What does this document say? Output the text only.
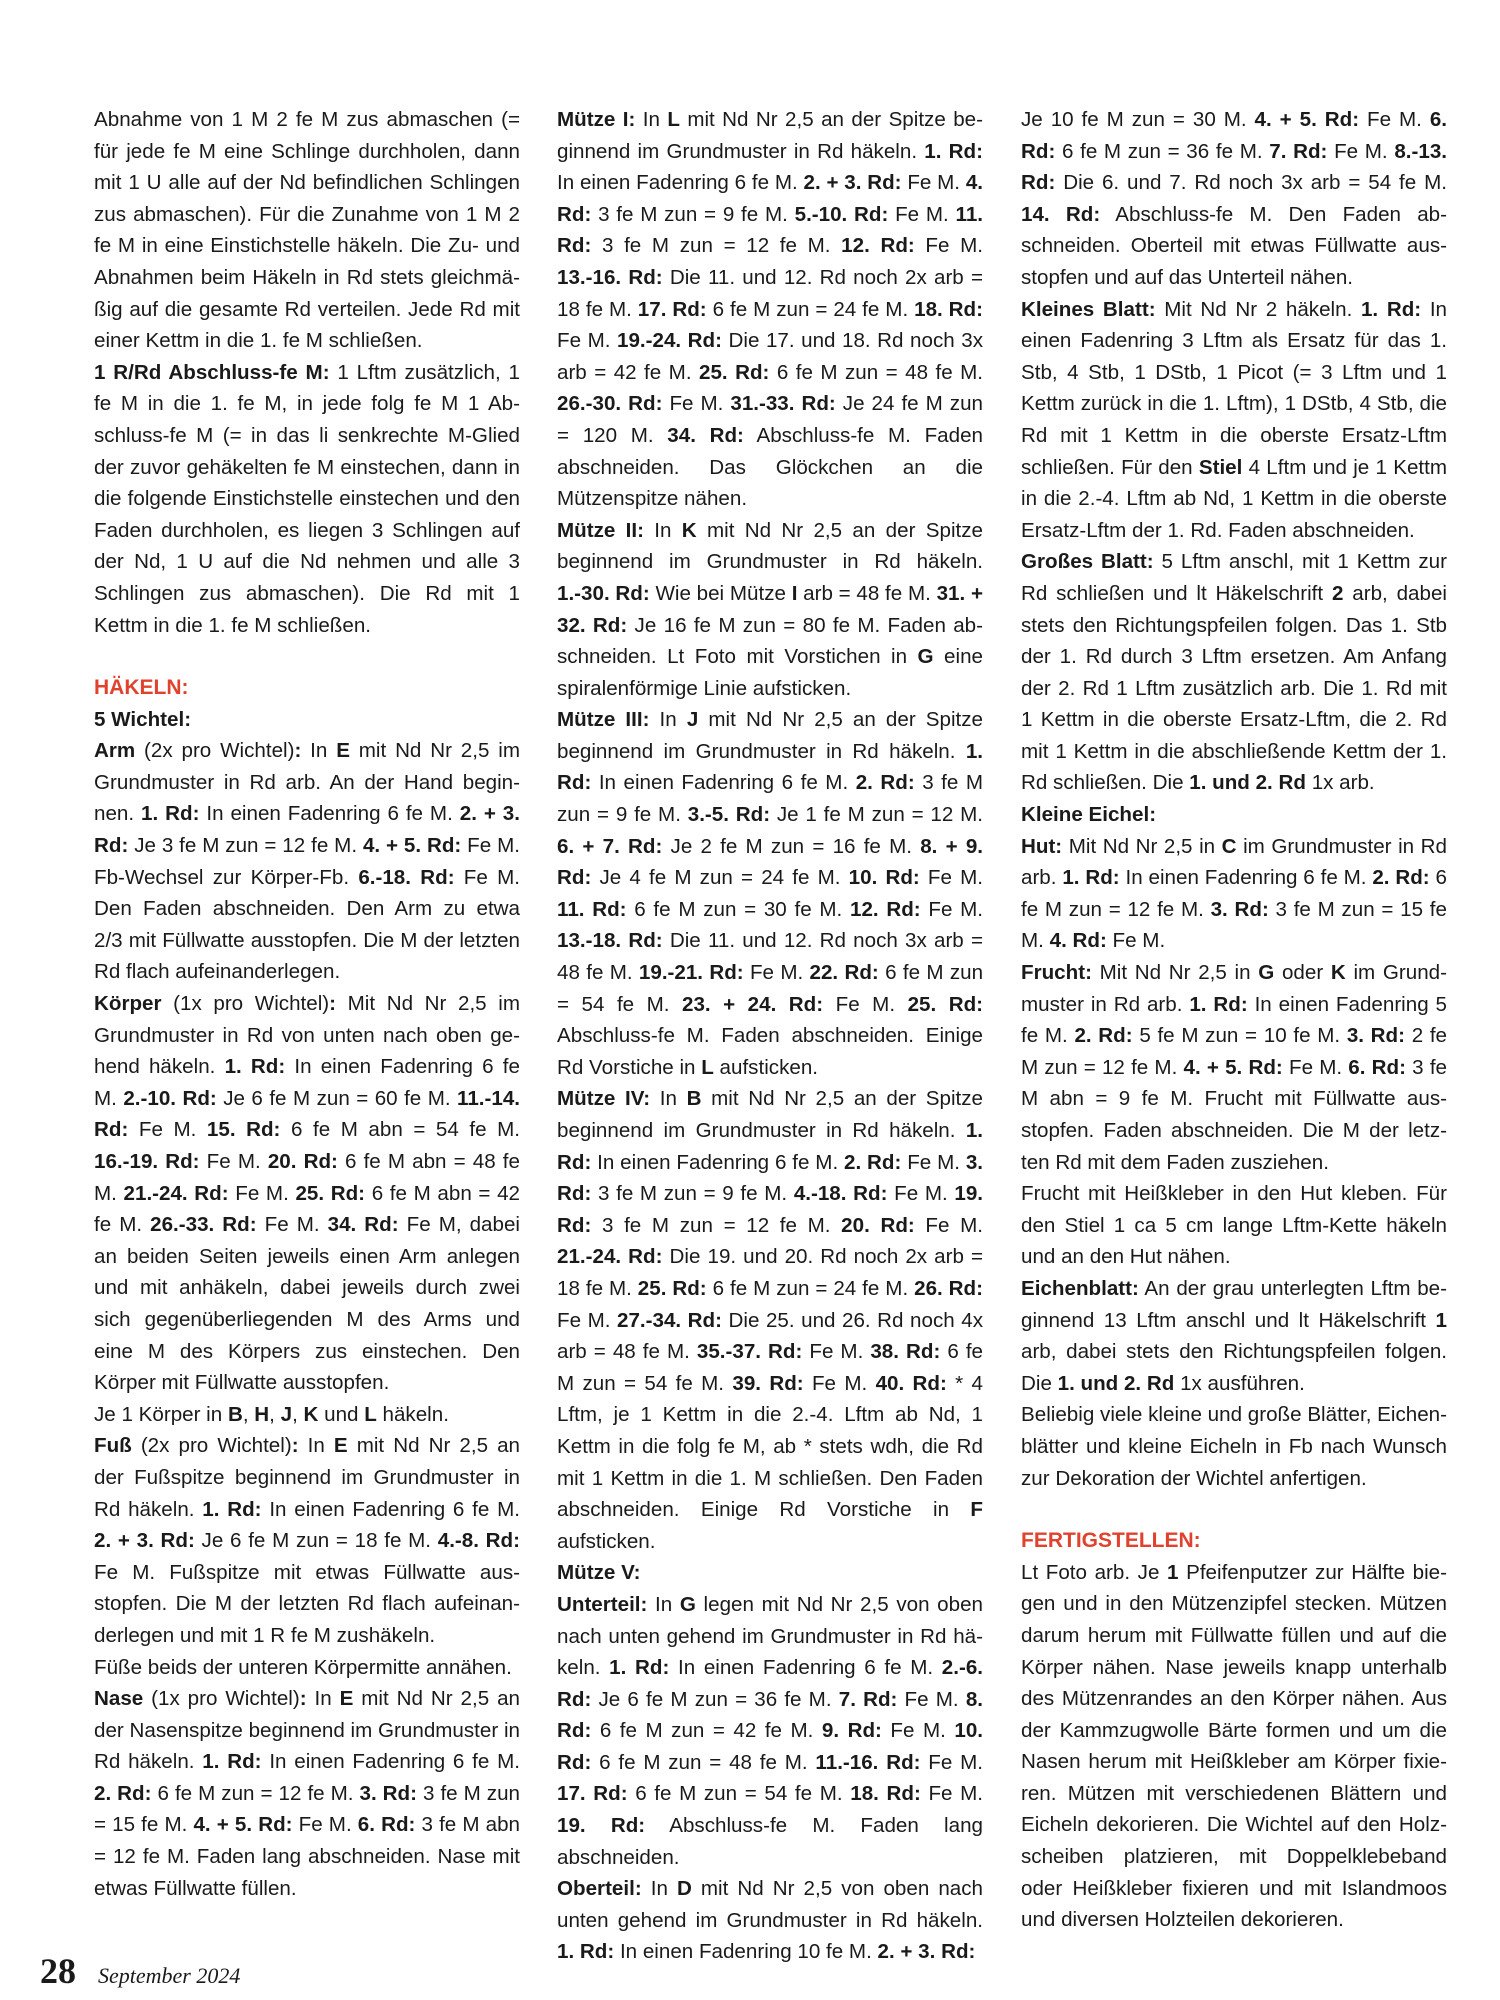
Abnahme von 1 M 2 fe M zus abmaschen (= für jede fe M eine Schlinge durchholen, dann mit 1 U alle auf der Nd befindlichen Schlingen zus abmaschen). Für die Zunahme von 1 M 2 fe M in eine Einstichstelle häkeln. Die Zu- und Abnahmen beim Häkeln in Rd stets gleichmäßig auf die gesamte Rd verteilen. Jede Rd mit einer Kettm in die 1. fe M schließen.

1 R/Rd Abschluss-fe M: 1 Lftm zusätzlich, 1 fe M in die 1. fe M, in jede folg fe M 1 Abschluss-fe M (= in das li senkrechte M-Glied der zuvor gehäkelten fe M einstechen, dann in die folgende Einstichstelle einstechen und den Faden durchholen, es liegen 3 Schlingen auf der Nd, 1 U auf die Nd nehmen und alle 3 Schlingen zus abmaschen). Die Rd mit 1 Kettm in die 1. fe M schließen.

HÄKELN:

5 Wichtel:

Arm (2x pro Wichtel): In E mit Nd Nr 2,5 im Grundmuster in Rd arb. An der Hand beginnen. 1. Rd: In einen Fadenring 6 fe M. 2. + 3. Rd: Je 3 fe M zun = 12 fe M. 4. + 5. Rd: Fe M. Fb-Wechsel zur Körper-Fb. 6.-18. Rd: Fe M. Den Faden abschneiden. Den Arm zu etwa 2/3 mit Füllwatte ausstopfen. Die M der letzten Rd flach aufeinanderlegen.

Körper (1x pro Wichtel): Mit Nd Nr 2,5 im Grundmuster in Rd von unten nach oben gehend häkeln. 1. Rd: In einen Fadenring 6 fe M. 2.-10. Rd: Je 6 fe M zun = 60 fe M. 11.-14. Rd: Fe M. 15. Rd: 6 fe M abn = 54 fe M. 16.-19. Rd: Fe M. 20. Rd: 6 fe M abn = 48 fe M. 21.-24. Rd: Fe M. 25. Rd: 6 fe M abn = 42 fe M. 26.-33. Rd: Fe M. 34. Rd: Fe M, dabei an beiden Seiten jeweils einen Arm anlegen und mit anhäkeln, dabei jeweils durch zwei sich gegenüberliegenden M des Arms und eine M des Körpers zus einstechen. Den Körper mit Füllwatte ausstopfen.

Je 1 Körper in B, H, J, K und L häkeln.

Fuß (2x pro Wichtel): In E mit Nd Nr 2,5 an der Fußspitze beginnend im Grundmuster in Rd häkeln. 1. Rd: In einen Fadenring 6 fe M. 2. + 3. Rd: Je 6 fe M zun = 18 fe M. 4.-8. Rd: Fe M. Fußspitze mit etwas Füllwatte ausstopfen. Die M der letzten Rd flach aufeinanderlegen und mit 1 R fe M zushäkeln.

Füße beids der unteren Körpermitte annähen.

Nase (1x pro Wichtel): In E mit Nd Nr 2,5 an der Nasenspitze beginnend im Grundmuster in Rd häkeln. 1. Rd: In einen Fadenring 6 fe M. 2. Rd: 6 fe M zun = 12 fe M. 3. Rd: 3 fe M zun = 15 fe M. 4. + 5. Rd: Fe M. 6. Rd: 3 fe M abn = 12 fe M. Faden lang abschneiden. Nase mit etwas Füllwatte füllen.

Mütze I: In L mit Nd Nr 2,5 an der Spitze beginnend im Grundmuster in Rd häkeln. 1. Rd: In einen Fadenring 6 fe M. 2. + 3. Rd: Fe M. 4. Rd: 3 fe M zun = 9 fe M. 5.-10. Rd: Fe M. 11. Rd: 3 fe M zun = 12 fe M. 12. Rd: Fe M. 13.-16. Rd: Die 11. und 12. Rd noch 2x arb = 18 fe M. 17. Rd: 6 fe M zun = 24 fe M. 18. Rd: Fe M. 19.-24. Rd: Die 17. und 18. Rd noch 3x arb = 42 fe M. 25. Rd: 6 fe M zun = 48 fe M. 26.-30. Rd: Fe M. 31.-33. Rd: Je 24 fe M zun = 120 M. 34. Rd: Abschluss-fe M. Faden abschneiden. Das Glöckchen an die Mützenspitze nähen.

Mütze II: In K mit Nd Nr 2,5 an der Spitze beginnend im Grundmuster in Rd häkeln. 1.-30. Rd: Wie bei Mütze I arb = 48 fe M. 31. + 32. Rd: Je 16 fe M zun = 80 fe M. Faden abschneiden. Lt Foto mit Vorstichen in G eine spiralenförmige Linie aufsticken.

Mütze III: In J mit Nd Nr 2,5 an der Spitze beginnend im Grundmuster in Rd häkeln. 1. Rd: In einen Fadenring 6 fe M. 2. Rd: 3 fe M zun = 9 fe M. 3.-5. Rd: Je 1 fe M zun = 12 M. 6. + 7. Rd: Je 2 fe M zun = 16 fe M. 8. + 9. Rd: Je 4 fe M zun = 24 fe M. 10. Rd: Fe M. 11. Rd: 6 fe M zun = 30 fe M. 12. Rd: Fe M. 13.-18. Rd: Die 11. und 12. Rd noch 3x arb = 48 fe M. 19.-21. Rd: Fe M. 22. Rd: 6 fe M zun = 54 fe M. 23. + 24. Rd: Fe M. 25. Rd: Abschluss-fe M. Faden abschneiden. Einige Rd Vorstiche in L aufsticken.

Mütze IV: In B mit Nd Nr 2,5 an der Spitze beginnend im Grundmuster in Rd häkeln. 1. Rd: In einen Fadenring 6 fe M. 2. Rd: Fe M. 3. Rd: 3 fe M zun = 9 fe M. 4.-18. Rd: Fe M. 19. Rd: 3 fe M zun = 12 fe M. 20. Rd: Fe M. 21.-24. Rd: Die 19. und 20. Rd noch 2x arb = 18 fe M. 25. Rd: 6 fe M zun = 24 fe M. 26. Rd: Fe M. 27.-34. Rd: Die 25. und 26. Rd noch 4x arb = 48 fe M. 35.-37. Rd: Fe M. 38. Rd: 6 fe M zun = 54 fe M. 39. Rd: Fe M. 40. Rd: * 4 Lftm, je 1 Kettm in die 2.-4. Lftm ab Nd, 1 Kettm in die folg fe M, ab * stets wdh, die Rd mit 1 Kettm in die 1. M schließen. Den Faden abschneiden. Einige Rd Vorstiche in F aufsticken.

Mütze V:

Unterteil: In G legen mit Nd Nr 2,5 von oben nach unten gehend im Grundmuster in Rd häkeln. 1. Rd: In einen Fadenring 6 fe M. 2.-6. Rd: Je 6 fe M zun = 36 fe M. 7. Rd: Fe M. 8. Rd: 6 fe M zun = 42 fe M. 9. Rd: Fe M. 10. Rd: 6 fe M zun = 48 fe M. 11.-16. Rd: Fe M. 17. Rd: 6 fe M zun = 54 fe M. 18. Rd: Fe M. 19. Rd: Abschluss-fe M. Faden lang abschneiden.

Oberteil: In D mit Nd Nr 2,5 von oben nach unten gehend im Grundmuster in Rd häkeln. 1. Rd: In einen Fadenring 10 fe M. 2. + 3. Rd:

Je 10 fe M zun = 30 M. 4. + 5. Rd: Fe M. 6. Rd: 6 fe M zun = 36 fe M. 7. Rd: Fe M. 8.-13. Rd: Die 6. und 7. Rd noch 3x arb = 54 fe M. 14. Rd: Abschluss-fe M. Den Faden abschneiden. Oberteil mit etwas Füllwatte ausstopfen und auf das Unterteil nähen.

Kleines Blatt: Mit Nd Nr 2 häkeln. 1. Rd: In einen Fadenring 3 Lftm als Ersatz für das 1. Stb, 4 Stb, 1 DStb, 1 Picot (= 3 Lftm und 1 Kettm zurück in die 1. Lftm), 1 DStb, 4 Stb, die Rd mit 1 Kettm in die oberste Ersatz-Lftm schließen. Für den Stiel 4 Lftm und je 1 Kettm in die 2.-4. Lftm ab Nd, 1 Kettm in die oberste Ersatz-Lftm der 1. Rd. Faden abschneiden.

Großes Blatt: 5 Lftm anschl, mit 1 Kettm zur Rd schließen und lt Häkelschrift 2 arb, dabei stets den Richtungspfeilen folgen. Das 1. Stb der 1. Rd durch 3 Lftm ersetzen. Am Anfang der 2. Rd 1 Lftm zusätzlich arb. Die 1. Rd mit 1 Kettm in die oberste Ersatz-Lftm, die 2. Rd mit 1 Kettm in die abschließende Kettm der 1. Rd schließen. Die 1. und 2. Rd 1x arb.

Kleine Eichel:

Hut: Mit Nd Nr 2,5 in C im Grundmuster in Rd arb. 1. Rd: In einen Fadenring 6 fe M. 2. Rd: 6 fe M zun = 12 fe M. 3. Rd: 3 fe M zun = 15 fe M. 4. Rd: Fe M.

Frucht: Mit Nd Nr 2,5 in G oder K im Grundmuster in Rd arb. 1. Rd: In einen Fadenring 5 fe M. 2. Rd: 5 fe M zun = 10 fe M. 3. Rd: 2 fe M zun = 12 fe M. 4. + 5. Rd: Fe M. 6. Rd: 3 fe M abn = 9 fe M. Frucht mit Füllwatte ausstopfen. Faden abschneiden. Die M der letzten Rd mit dem Faden zusziehen.

Frucht mit Heißkleber in den Hut kleben. Für den Stiel 1 ca 5 cm lange Lftm-Kette häkeln und an den Hut nähen.

Eichenblatt: An der grau unterlegten Lftm beginnend 13 Lftm anschl und lt Häkelschrift 1 arb, dabei stets den Richtungspfeilen folgen. Die 1. und 2. Rd 1x ausführen.

Beliebig viele kleine und große Blätter, Eichenblätter und kleine Eicheln in Fb nach Wunsch zur Dekoration der Wichtel anfertigen.

FERTIGSTELLEN:

Lt Foto arb. Je 1 Pfeifenputzer zur Hälfte biegen und in den Mützenzipfel stecken. Mützen darum herum mit Füllwatte füllen und auf die Körper nähen. Nase jeweils knapp unterhalb des Mützenrandes an den Körper nähen. Aus der Kammzugwolle Bärte formen und um die Nasen herum mit Heißkleber am Körper fixieren. Mützen mit verschiedenen Blättern und Eicheln dekorieren. Die Wichtel auf den Holzscheiben platzieren, mit Doppelklebeband oder Heißkleber fixieren und mit Islandmoos und diversen Holzteilen dekorieren.

28 September 2024
